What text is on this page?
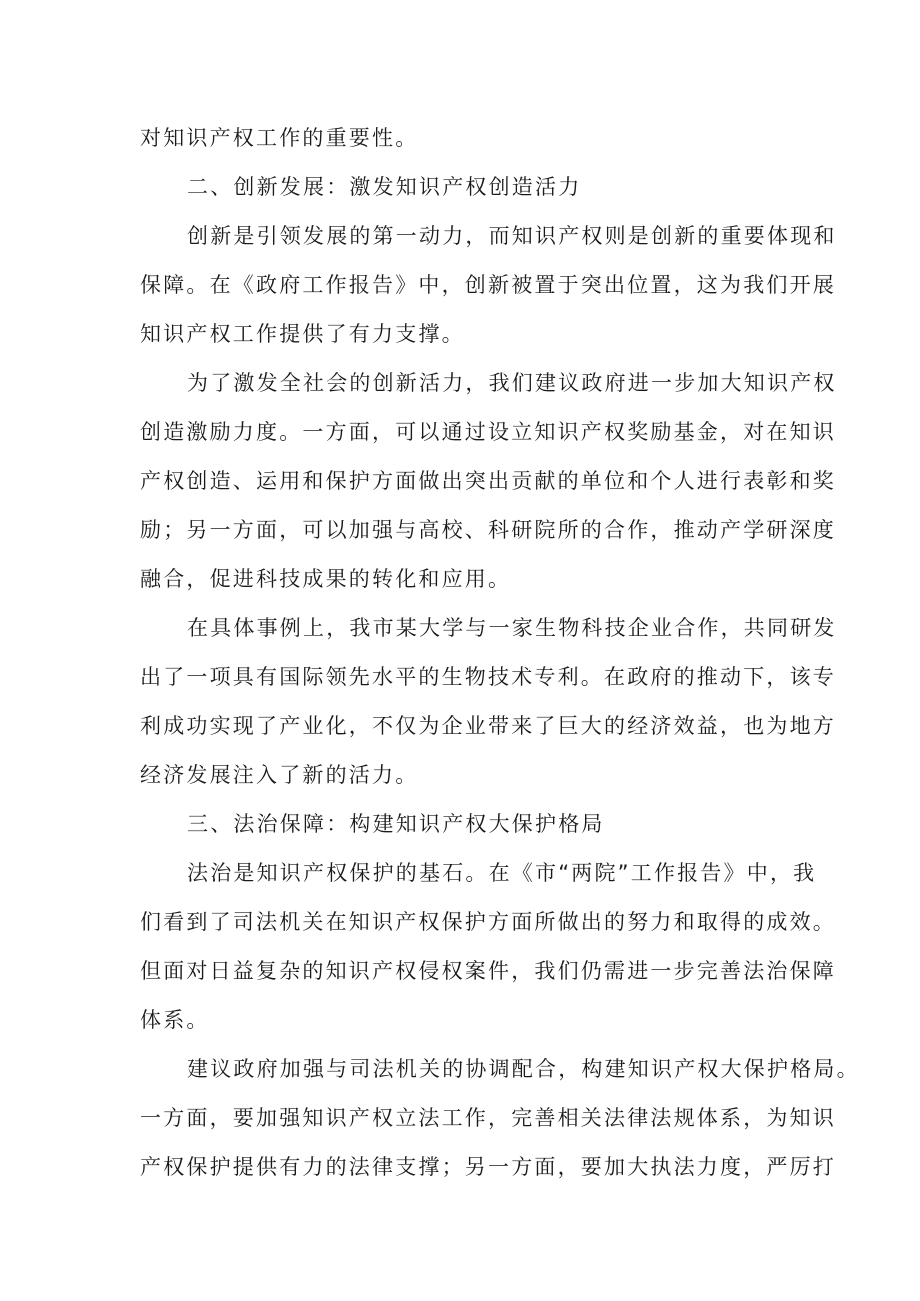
对知识产权工作的重要性。
二、创新发展：激发知识产权创造活力
创新是引领发展的第一动力，而知识产权则是创新的重要体现和
保障。在《政府工作报告》中，创新被置于突出位置，这为我们开展
知识产权工作提供了有力支撑。
为了激发全社会的创新活力，我们建议政府进一步加大知识产权
创造激励力度。一方面，可以通过设立知识产权奖励基金，对在知识
产权创造、运用和保护方面做出突出贡献的单位和个人进行表彰和奖
励；另一方面，可以加强与高校、科研院所的合作，推动产学研深度
融合，促进科技成果的转化和应用。
在具体事例上，我市某大学与一家生物科技企业合作，共同研发
出了一项具有国际领先水平的生物技术专利。在政府的推动下，该专
利成功实现了产业化，不仅为企业带来了巨大的经济效益，也为地方
经济发展注入了新的活力。
三、法治保障：构建知识产权大保护格局
法治是知识产权保护的基石。在《市“两院”工作报告》中，我
们看到了司法机关在知识产权保护方面所做出的努力和取得的成效。
但面对日益复杂的知识产权侵权案件，我们仍需进一步完善法治保障
体系。
建议政府加强与司法机关的协调配合，构建知识产权大保护格局。
一方面，要加强知识产权立法工作，完善相关法律法规体系，为知识
产权保护提供有力的法律支撑；另一方面，要加大执法力度，严厉打
